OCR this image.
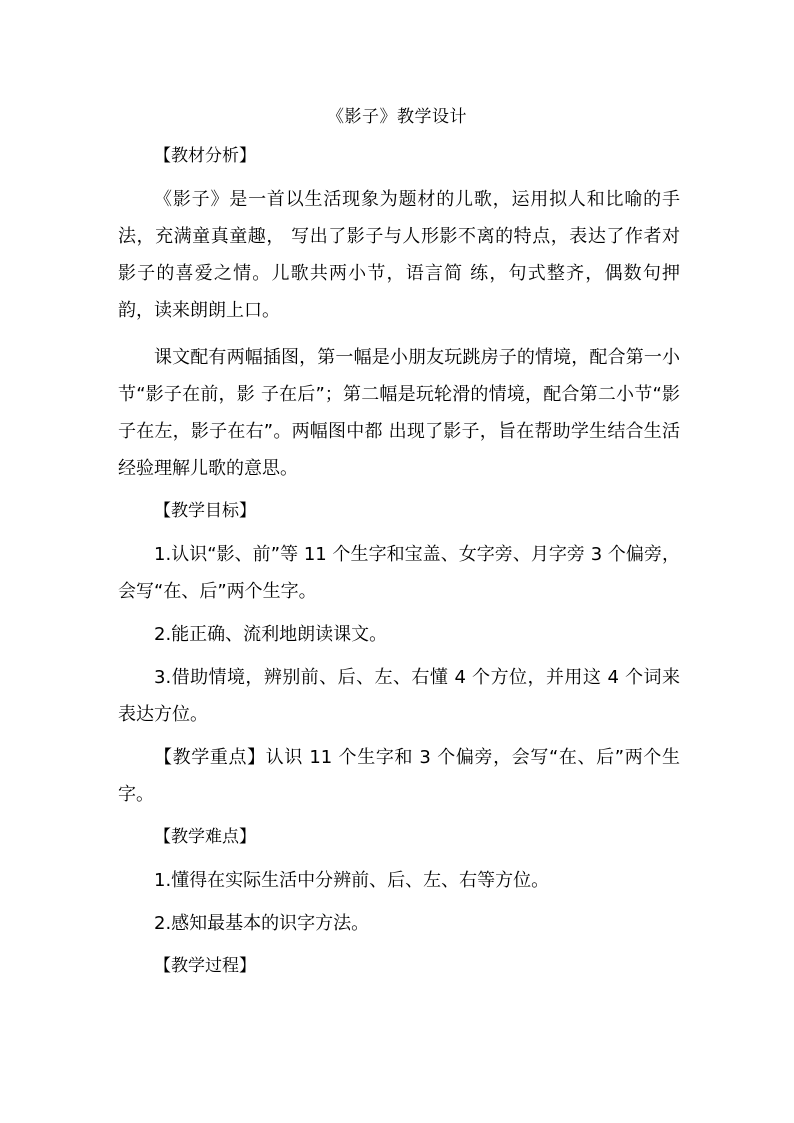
《影子》教学设计

【教材分析】

《影子》是一首以生活现象为题材的儿歌，运用拟人和比喻的手法，充满童真童趣， 写出了影子与人形影不离的特点，表达了作者对影子的喜爱之情。儿歌共两小节，语言简 练，句式整齐，偶数句押韵，读来朗朗上口。

课文配有两幅插图，第一幅是小朋友玩跳房子的情境，配合第一小节“影子在前，影 子在后”；第二幅是玩轮滑的情境，配合第二小节“影子在左，影子在右”。两幅图中都 出现了影子，旨在帮助学生结合生活经验理解儿歌的意思。

【教学目标】

1.认识“影、前”等 11 个生字和宝盖、女字旁、月字旁 3 个偏旁，会写“在、后”两个生字。

2.能正确、流利地朗读课文。

3.借助情境，辨别前、后、左、右懂 4 个方位，并用这 4 个词来表达方位。

【教学重点】认识 11 个生字和 3 个偏旁，会写“在、后”两个生字。

【教学难点】

1.懂得在实际生活中分辨前、后、左、右等方位。

2.感知最基本的识字方法。

【教学过程】
